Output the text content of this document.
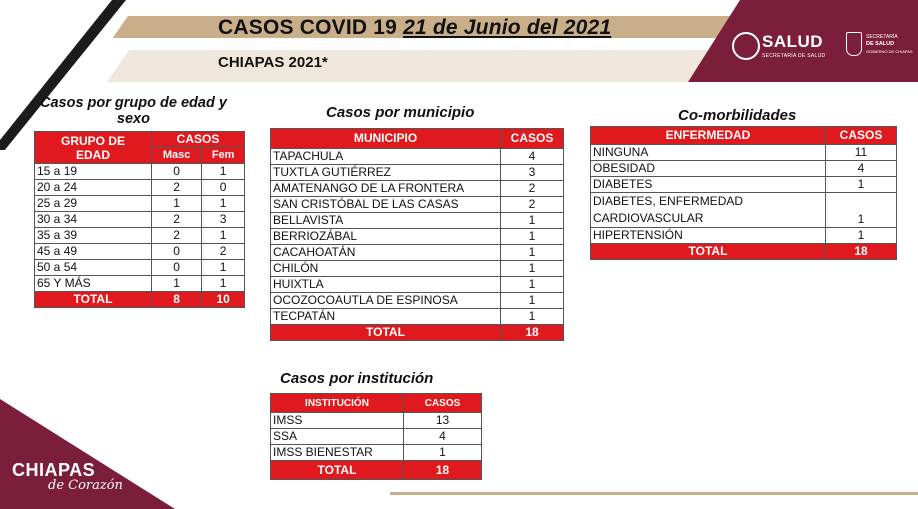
CASOS COVID 19 21 de Junio del 2021
CHIAPAS 2021*
SALUD
SECRETARÍA DE SALUD
SECRETARÍA
DE SALUD
GOBIERNO DE CHIAPAS
CHIAPAS
de Corazón
Casos por grupo de edad y
sexo
GRUPO DE
EDAD	CASOS	
	Masc	Fem
15 a 19	0	1
20 a 24	2	0
25 a 29	1	1
30 a 34	2	3
35 a 39	2	1
45 a 49	0	2
50 a 54	0	1
65 Y MÁS	1	1
TOTAL	8	10
Casos por municipio
MUNICIPIO	CASOS
TAPACHULA	4
TUXTLA GUTIÉRREZ	3
AMATENANGO DE LA FRONTERA	2
SAN CRISTÓBAL DE LAS CASAS	2
BELLAVISTA	1
BERRIOZÁBAL	1
CACAHOATÁN	1
CHILÓN	1
HUIXTLA	1
OCOZOCOAUTLA DE ESPINOSA	1
TECPATÁN	1
TOTAL	18
Casos por institución
INSTITUCIÓN	CASOS
IMSS	13
SSA	4
IMSS BIENESTAR	1
TOTAL	18
Co-morbilidades
ENFERMEDAD	CASOS
NINGUNA	11
OBESIDAD	4
DIABETES	1

DIABETES, ENFERMEDAD
CARDIOVASCULAR	1
HIPERTENSIÓN	1
TOTAL	18
